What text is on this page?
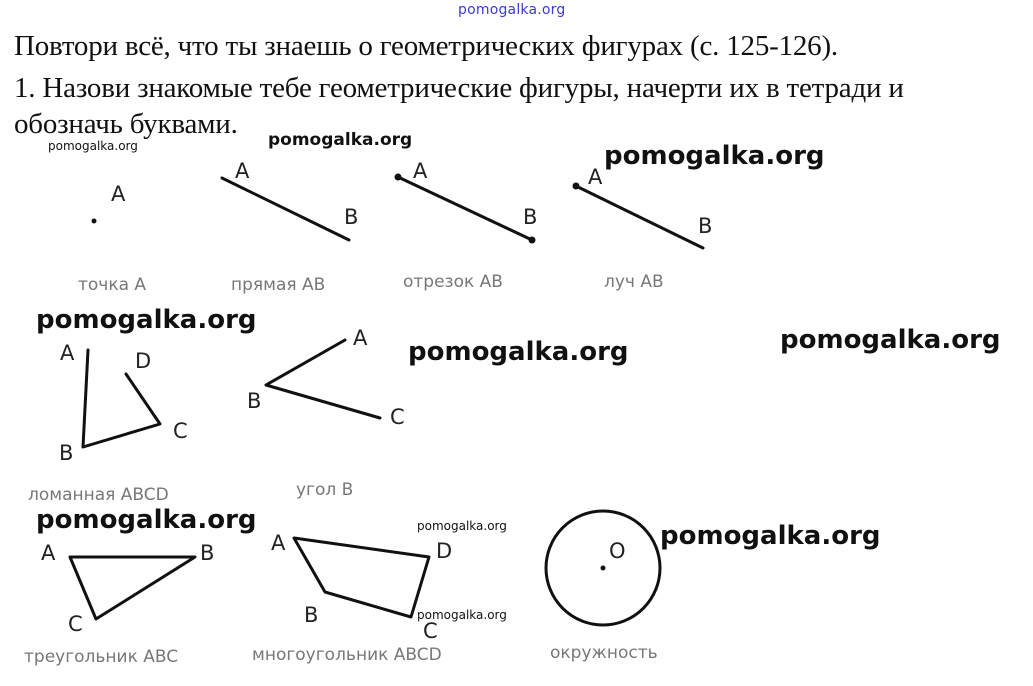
pomogalka.org
Повтори всё, что ты знаешь о геометрических фигурах (с. 125-126).
1. Назови знакомые тебе геометрические фигуры, начерти их в тетради и
обозначь буквами.
A
точка A
A
B
прямая AB
A
B
отрезок AB
A
B
луч AB
A	D
C
B
ломанная ABCD
A
B
C
угол B
A	B
C
треугольник ABC
A	D
B
C
многоугольник ABCD
O
окружность
pomogalka.org	pomogalka.org
pomogalka.org
pomogalka.org
pomogalka.org	pomogalka.org
pomogalka.org	pomogalka.org	pomogalka.org
pomogalka.org
